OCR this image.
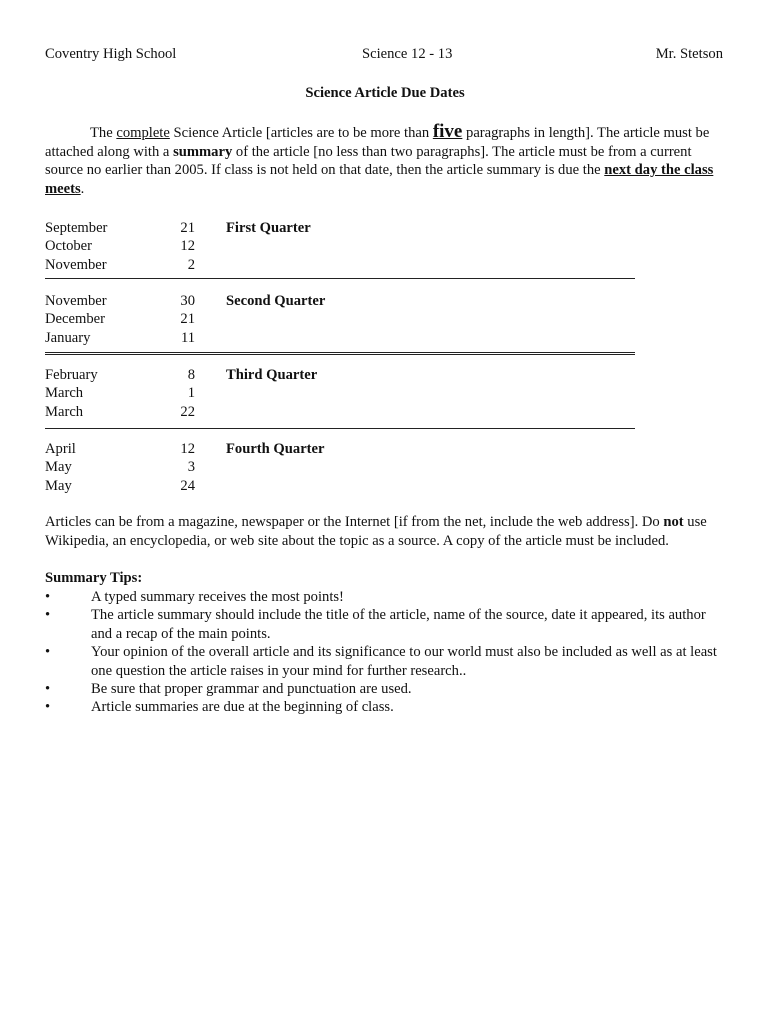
Coventry High School	Science 12 - 13	Mr. Stetson
Science Article Due Dates

The complete Science Article [articles are to be more than five paragraphs in length]. The article must be attached along with a summary of the article [no less than two paragraphs]. The article must be from a current source no earlier than 2005. If class is not held on that date, then the article summary is due the next day the class meets.

September	21
October	12
November	2
First Quarter
November	30
December	21
January	11
Second Quarter
February	8
March	1
March	22
Third Quarter
April	12
May	3
May	24
Fourth Quarter

Articles can be from a magazine, newspaper or the Internet [if from the net, include the web address]. Do not use Wikipedia, an encyclopedia, or web site about the topic as a source. A copy of the article must be included.

Summary Tips:
•	A typed summary receives the most points!
•	The article summary should include the title of the article, name of the source, date it appeared, its author and a recap of the main points.
•	Your opinion of the overall article and its significance to our world must also be included as well as at least one question the article raises in your mind for further research..
•	Be sure that proper grammar and punctuation are used.
•	Article summaries are due at the beginning of class.
